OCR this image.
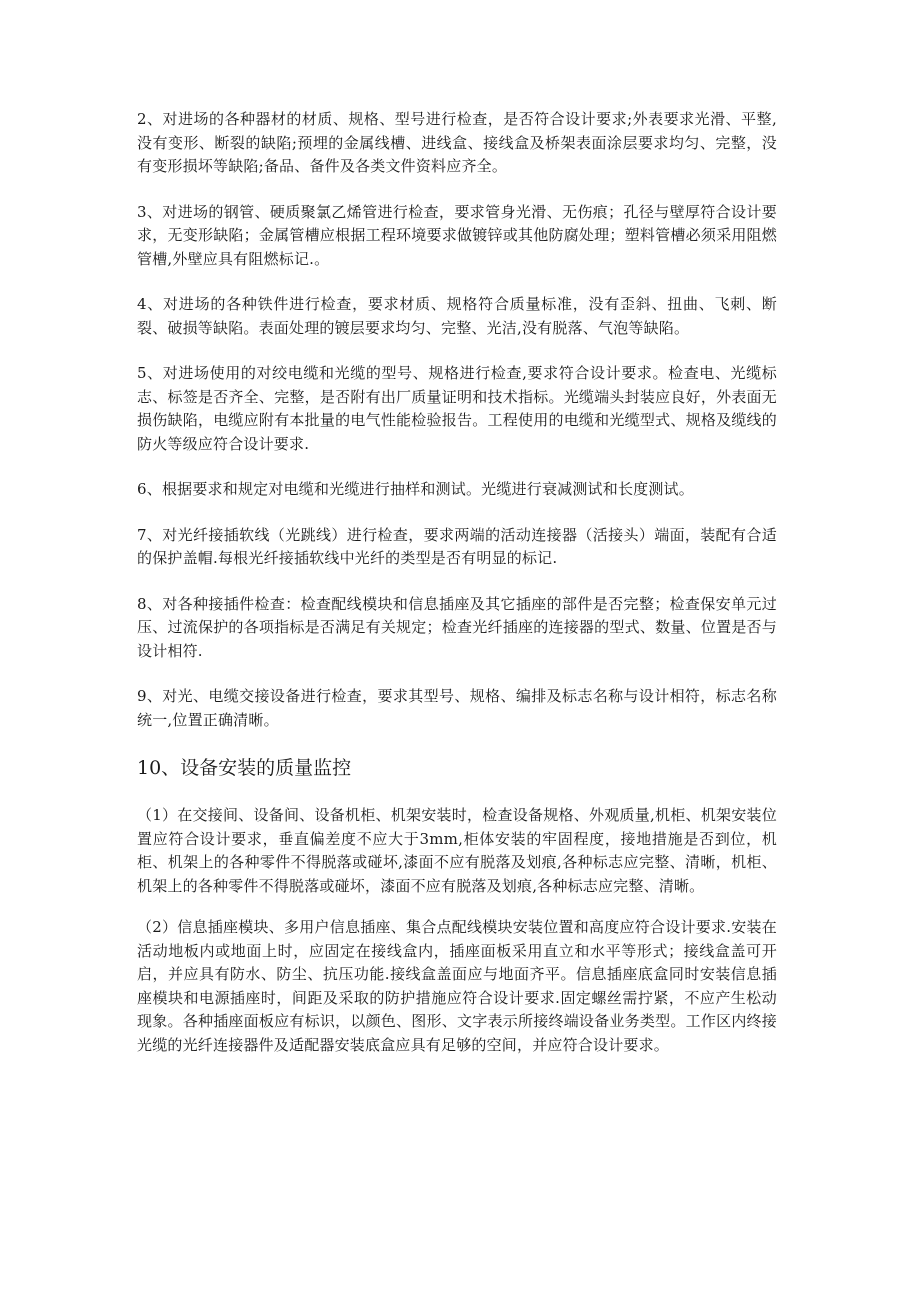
2、对进场的各种器材的材质、规格、型号进行检查，是否符合设计要求;外表要求光滑、平整,没有变形、断裂的缺陷;预埋的金属线槽、进线盒、接线盒及桥架表面涂层要求均匀、完整，没有变形损坏等缺陷;备品、备件及各类文件资料应齐全。

3、对进场的钢管、硬质聚氯乙烯管进行检查，要求管身光滑、无伤痕；孔径与壁厚符合设计要求，无变形缺陷；金属管槽应根据工程环境要求做镀锌或其他防腐处理；塑料管槽必须采用阻燃管槽,外壁应具有阻燃标记.。

4、对进场的各种铁件进行检查，要求材质、规格符合质量标准，没有歪斜、扭曲、飞刺、断裂、破损等缺陷。表面处理的镀层要求均匀、完整、光洁,没有脱落、气泡等缺陷。

5、对进场使用的对绞电缆和光缆的型号、规格进行检查,要求符合设计要求。检查电、光缆标志、标签是否齐全、完整，是否附有出厂质量证明和技术指标。光缆端头封装应良好，外表面无损伤缺陷，电缆应附有本批量的电气性能检验报告。工程使用的电缆和光缆型式、规格及缆线的防火等级应符合设计要求.

6、根据要求和规定对电缆和光缆进行抽样和测试。光缆进行衰减测试和长度测试。

7、对光纤接插软线（光跳线）进行检查，要求两端的活动连接器（活接头）端面，装配有合适的保护盖帽.每根光纤接插软线中光纤的类型是否有明显的标记.

8、对各种接插件检查：检查配线模块和信息插座及其它插座的部件是否完整；检查保安单元过压、过流保护的各项指标是否满足有关规定；检查光纤插座的连接器的型式、数量、位置是否与设计相符.

9、对光、电缆交接设备进行检查，要求其型号、规格、编排及标志名称与设计相符，标志名称统一,位置正确清晰。

10、设备安装的质量监控

（1）在交接间、设备间、设备机柜、机架安装时，检查设备规格、外观质量,机柜、机架安装位置应符合设计要求，垂直偏差度不应大于3mm,柜体安装的牢固程度，接地措施是否到位，机柜、机架上的各种零件不得脱落或碰坏,漆面不应有脱落及划痕,各种标志应完整、清晰，机柜、机架上的各种零件不得脱落或碰坏，漆面不应有脱落及划痕,各种标志应完整、清晰。

（2）信息插座模块、多用户信息插座、集合点配线模块安装位置和高度应符合设计要求.安装在活动地板内或地面上时，应固定在接线盒内，插座面板采用直立和水平等形式；接线盒盖可开启，并应具有防水、防尘、抗压功能.接线盒盖面应与地面齐平。信息插座底盒同时安装信息插座模块和电源插座时，间距及采取的防护措施应符合设计要求.固定螺丝需拧紧，不应产生松动现象。各种插座面板应有标识，以颜色、图形、文字表示所接终端设备业务类型。工作区内终接光缆的光纤连接器件及适配器安装底盒应具有足够的空间，并应符合设计要求。
